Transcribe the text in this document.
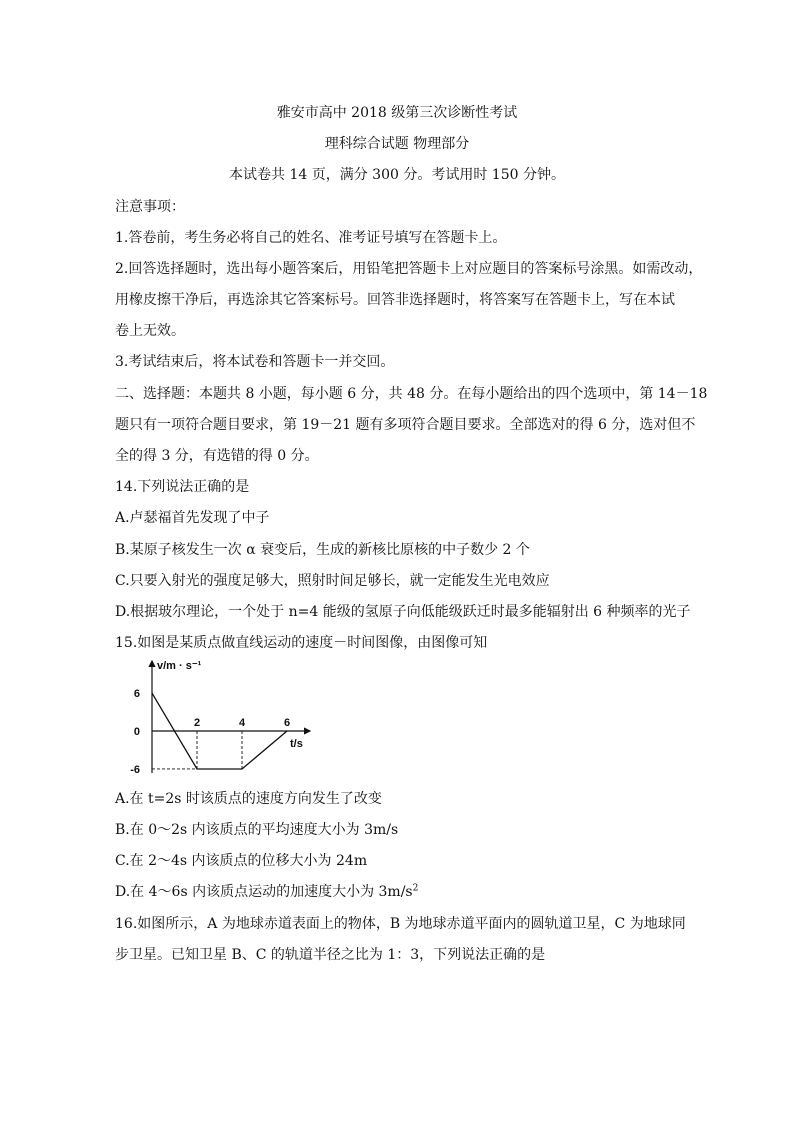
雅安市高中 2018 级第三次诊断性考试
理科综合试题 物理部分
本试卷共 14 页，满分 300 分。考试用时 150 分钟。
注意事项：
1.答卷前，考生务必将自己的姓名、准考证号填写在答题卡上。
2.回答选择题时，选出每小题答案后，用铅笔把答题卡上对应题目的答案标号涂黑。如需改动，
用橡皮擦干净后，再选涂其它答案标号。回答非选择题时，将答案写在答题卡上，写在本试
卷上无效。
3.考试结束后，将本试卷和答题卡一并交回。
二、选择题：本题共 8 小题，每小题 6 分，共 48 分。在每小题给出的四个选项中，第 14－18
题只有一项符合题目要求，第 19－21 题有多项符合题目要求。全部选对的得 6 分，选对但不
全的得 3 分，有选错的得 0 分。
14.下列说法正确的是
A.卢瑟福首先发现了中子
B.某原子核发生一次 α 衰变后，生成的新核比原核的中子数少 2 个
C.只要入射光的强度足够大，照射时间足够长，就一定能发生光电效应
D.根据玻尔理论，一个处于 n=4 能级的氢原子向低能级跃迁时最多能辐射出 6 种频率的光子
15.如图是某质点做直线运动的速度－时间图像，由图像可知
v/m · s⁻¹
t/s
2	4	6
6
0
-6
A.在 t=2s 时该质点的速度方向发生了改变
B.在 0～2s 内该质点的平均速度大小为 3m/s
C.在 2～4s 内该质点的位移大小为 24m
D.在 4～6s 内该质点运动的加速度大小为 $3m/s^2$
16.如图所示，A 为地球赤道表面上的物体，B 为地球赤道平面内的圆轨道卫星，C 为地球同
步卫星。已知卫星 B、C 的轨道半径之比为 1：3，下列说法正确的是
